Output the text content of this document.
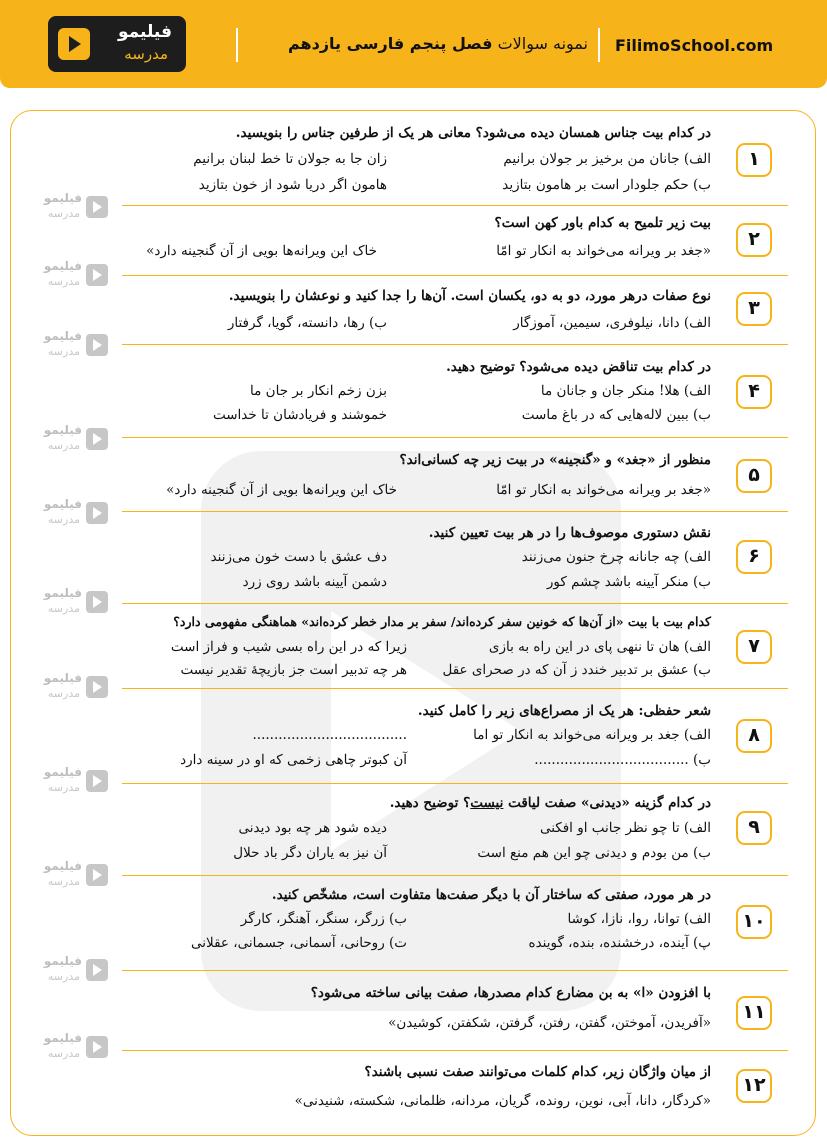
FilimoSchool.com
نمونه سوالات فصل پنجم فارسی یازدهم
فیلیمو
مدرسه
فیلیمو
مدرسه
فیلیمو
مدرسه
فیلیمو
مدرسه
فیلیمو
مدرسه
فیلیمو
مدرسه
فیلیمو
مدرسه
فیلیمو
مدرسه
فیلیمو
مدرسه
فیلیمو
مدرسه
فیلیمو
مدرسه
فیلیمو
مدرسه
۱
در کدام بیت جناس همسان دیده می‌شود؟ معانی هر یک از طرفین جناس را بنویسید.
الف) جانان من برخیز بر جولان برانیم
زان جا به جولان تا خط لبنان برانیم
ب) حکم جلودار است بر هامون بتازید
هامون اگر دریا شود از خون بتازید
۲
بیت زیر تلمیح به کدام باور کهن است؟
«جغد بر ویرانه می‌خواند به انکار تو امّا
خاک این ویرانه‌ها بویی از آن گنجینه دارد»
۳
نوع صفات درهر مورد، دو به دو، یکسان است. آن‌ها را جدا کنید و نوعشان را بنویسید.
الف) دانا، نیلوفری، سیمین، آموزگار
ب) رها، دانسته، گویا، گرفتار
۴
در کدام بیت تناقض دیده می‌شود؟ توضیح دهید.
الف) هلا! منکر جان و جانان ما
بزن زخم انکار بر جان ما
ب) ببین لاله‌هایی که در باغ ماست
خموشند و فریادشان تا خداست
۵
منظور از «جغد» و «گنجینه» در بیت زیر چه کسانی‌اند؟
«جغد بر ویرانه می‌خواند به انکار تو امّا
خاک این ویرانه‌ها بویی از آن گنجینه دارد»
۶
نقش دستوری موصوف‌ها را در هر بیت تعیین کنید.
الف) چه جانانه چرخ جنون می‌زنند
دف عشق با دست خون می‌زنند
ب) منکر آیینه باشد چشم کور
دشمن آیینه باشد روی زرد
۷
کدام بیت با بیت «از آن‌ها که خونین سفر کرده‌اند/ سفر بر مدار خطر کرده‌اند» هماهنگی مفهومی دارد؟
الف) هان تا ننهی پای در این راه به بازی
زیرا که در این راه بسی شیب و فراز است
ب) عشق بر تدبیر خندد ز آن که در صحرای عقل
هر چه تدبیر است جز بازیچهٔ تقدیر نیست
۸
شعر حفظی: هر یک از مصراع‌های زیر را کامل کنید.
الف) جغد بر ویرانه می‌خواند به انکار تو اما
....................................
ب) ....................................
آن کبوتر چاهی زخمی که او در سینه دارد
۹
در کدام گزینه «دیدنی» صفت لیاقت نیست؟ توضیح دهید.
الف) تا چو نظر جانب او افکنی
دیده شود هر چه بود دیدنی
ب) من بودم و دیدنی چو این هم منع است
آن نیز به یاران دگر باد حلال
۱۰
در هر مورد، صفتی که ساختار آن با دیگر صفت‌ها متفاوت است، مشخّص کنید.
الف) توانا، روا، نازا، کوشا
ب) زرگر، سنگر، آهنگر، کارگر
پ) آینده، درخشنده، بنده، گوینده
ت) روحانی، آسمانی، جسمانی، عقلانی
۱۱
با افزودن «ا» به بن مضارع کدام مصدرها، صفت بیانی ساخته می‌شود؟
«آفریدن، آموختن، گفتن، رفتن، گرفتن، شکفتن، کوشیدن»
۱۲
از میان واژگان زیر، کدام کلمات می‌توانند صفت نسبی باشند؟
«کردگار، دانا، آبی، نوین، رونده، گریان، مردانه، ظلمانی، شکسته، شنیدنی»
